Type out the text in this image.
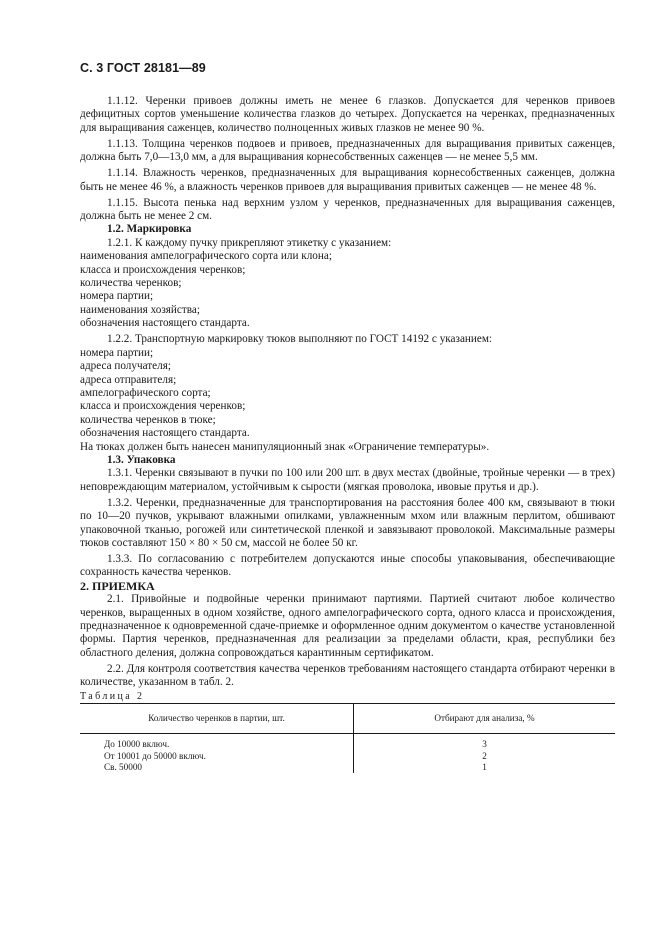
С. 3 ГОСТ 28181—89

1.1.12. Черенки привоев должны иметь не менее 6 глазков. Допускается для черенков привоев дефицитных сортов уменьшение количества глазков до четырех. Допускается на черенках, предназначенных для выращивания саженцев, количество полноценных живых глазков не менее 90 %.

1.1.13. Толщина черенков подвоев и привоев, предназначенных для выращивания привитых саженцев, должна быть 7,0—13,0 мм, а для выращивания корнесобственных саженцев — не менее 5,5 мм.

1.1.14. Влажность черенков, предназначенных для выращивания корнесобственных саженцев, должна быть не менее 46 %, а влажность черенков привоев для выращивания привитых саженцев — не менее 48 %.

1.1.15. Высота пенька над верхним узлом у черенков, предназначенных для выращивания саженцев, должна быть не менее 2 см.

1.2. Маркировка

1.2.1. К каждому пучку прикрепляют этикетку с указанием:

наименования ампелографического сорта или клона;

класса и происхождения черенков;

количества черенков;

номера партии;

наименования хозяйства;

обозначения настоящего стандарта.

1.2.2. Транспортную маркировку тюков выполняют по ГОСТ 14192 с указанием:

номера партии;

адреса получателя;

адреса отправителя;

ампелографического сорта;

класса и происхождения черенков;

количества черенков в тюке;

обозначения настоящего стандарта.

На тюках должен быть нанесен манипуляционный знак «Ограничение температуры».

1.3. Упаковка

1.3.1. Черенки связывают в пучки по 100 или 200 шт. в двух местах (двойные, тройные черенки — в трех) неповреждающим материалом, устойчивым к сырости (мягкая проволока, ивовые прутья и др.).

1.3.2. Черенки, предназначенные для транспортирования на расстояния более 400 км, связывают в тюки по 10—20 пучков, укрывают влажными опилками, увлажненным мхом или влажным перлитом, обшивают упаковочной тканью, рогожей или синтетической пленкой и завязывают проволокой. Максимальные размеры тюков составляют 150 × 80 × 50 см, массой не более 50 кг.

1.3.3. По согласованию с потребителем допускаются иные способы упаковывания, обеспечивающие сохранность качества черенков.

2. ПРИЕМКА

2.1. Привойные и подвойные черенки принимают партиями. Партией считают любое количество черенков, выращенных в одном хозяйстве, одного ампелографического сорта, одного класса и происхождения, предназначенное к одновременной сдаче-приемке и оформленное одним документом о качестве установленной формы. Партия черенков, предназначенная для реализации за пределами области, края, республики без областного деления, должна сопровождаться карантинным сертификатом.

2.2. Для контроля соответствия качества черенков требованиям настоящего стандарта отбирают черенки в количестве, указанном в табл. 2.

Таблица 2

Количество черенков в партии, шт.	Отбирают для анализа, %
До 10000 включ.	3
От 10001 до 50000 включ.	2
Св. 50000	1
